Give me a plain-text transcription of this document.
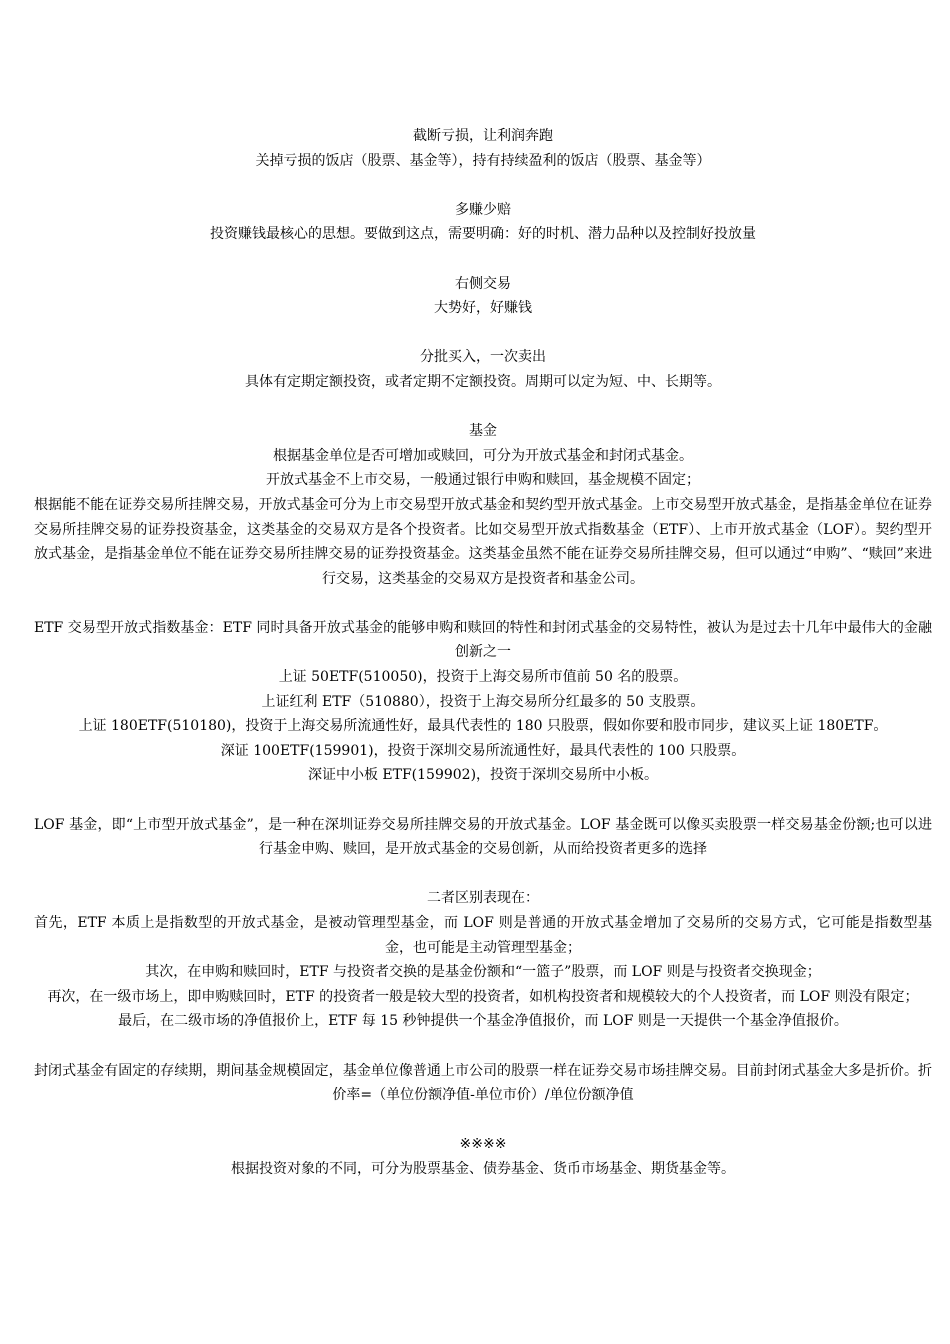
截断亏损，让利润奔跑

关掉亏损的饭店（股票、基金等），持有持续盈利的饭店（股票、基金等）

多赚少赔

投资赚钱最核心的思想。要做到这点，需要明确：好的时机、潜力品种以及控制好投放量

右侧交易

大势好，好赚钱

分批买入，一次卖出

具体有定期定额投资，或者定期不定额投资。周期可以定为短、中、长期等。

基金

根据基金单位是否可增加或赎回，可分为开放式基金和封闭式基金。

开放式基金不上市交易，一般通过银行申购和赎回，基金规模不固定；

根据能不能在证券交易所挂牌交易，开放式基金可分为上市交易型开放式基金和契约型开放式基金。上市交易型开放式基金，是指基金单位在证券交易所挂牌交易的证券投资基金，这类基金的交易双方是各个投资者。比如交易型开放式指数基金（ETF）、上市开放式基金（LOF）。契约型开放式基金，是指基金单位不能在证券交易所挂牌交易的证券投资基金。这类基金虽然不能在证券交易所挂牌交易，但可以通过“申购”、“赎回”来进行交易，这类基金的交易双方是投资者和基金公司。

ETF 交易型开放式指数基金：ETF 同时具备开放式基金的能够申购和赎回的特性和封闭式基金的交易特性，被认为是过去十几年中最伟大的金融创新之一

上证 50ETF(510050)，投资于上海交易所市值前 50 名的股票。

上证红利 ETF（510880），投资于上海交易所分红最多的 50 支股票。

上证 180ETF(510180)，投资于上海交易所流通性好，最具代表性的 180 只股票，假如你要和股市同步，建议买上证 180ETF。

深证 100ETF(159901)，投资于深圳交易所流通性好，最具代表性的 100 只股票。

深证中小板 ETF(159902)，投资于深圳交易所中小板。

LOF 基金，即“上市型开放式基金”，是一种在深圳证券交易所挂牌交易的开放式基金。LOF 基金既可以像买卖股票一样交易基金份额;也可以进行基金申购、赎回，是开放式基金的交易创新，从而给投资者更多的选择

二者区别表现在：

首先，ETF 本质上是指数型的开放式基金，是被动管理型基金，而 LOF 则是普通的开放式基金增加了交易所的交易方式，它可能是指数型基金，也可能是主动管理型基金；

其次，在申购和赎回时，ETF 与投资者交换的是基金份额和“一篮子”股票，而 LOF 则是与投资者交换现金；

再次，在一级市场上，即申购赎回时，ETF 的投资者一般是较大型的投资者，如机构投资者和规模较大的个人投资者，而 LOF 则没有限定；

最后，在二级市场的净值报价上，ETF 每 15 秒钟提供一个基金净值报价，而 LOF 则是一天提供一个基金净值报价。

封闭式基金有固定的存续期，期间基金规模固定，基金单位像普通上市公司的股票一样在证券交易市场挂牌交易。目前封闭式基金大多是折价。折价率=（单位份额净值-单位市价）/单位份额净值

※※※※

根据投资对象的不同，可分为股票基金、债券基金、货币市场基金、期货基金等。
